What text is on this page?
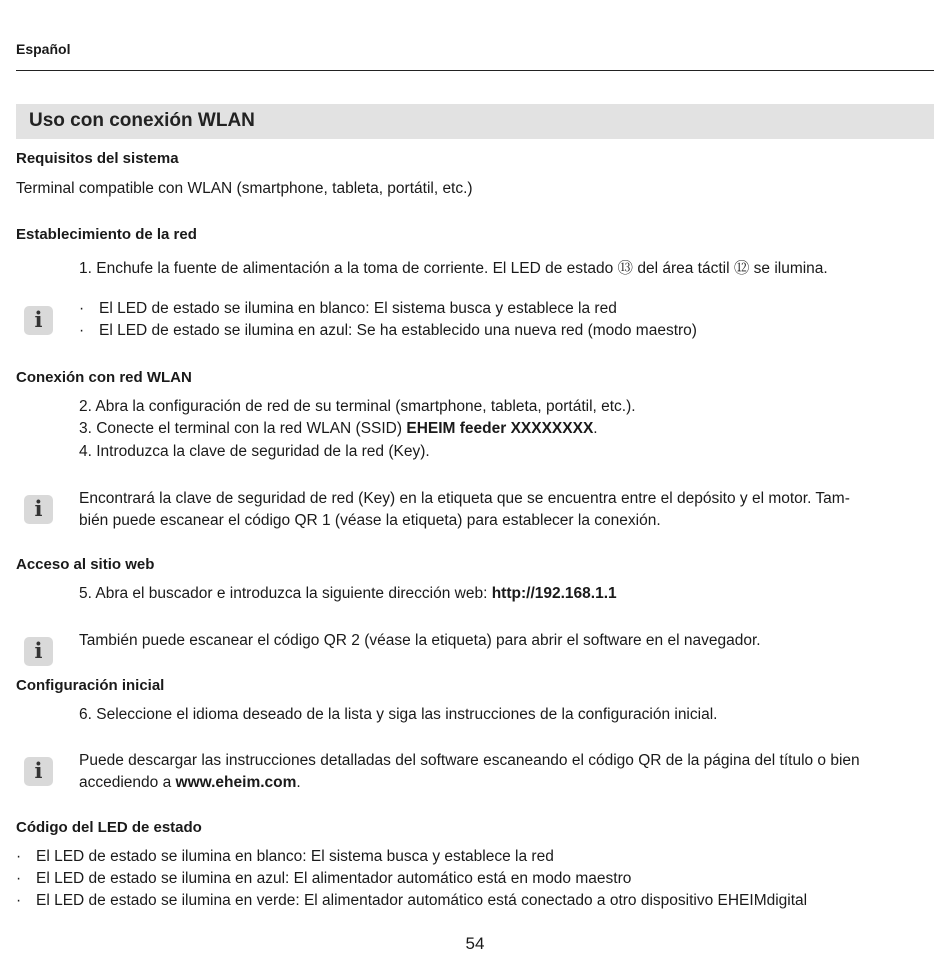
Español
Uso con conexión WLAN
Requisitos del sistema
Terminal compatible con WLAN (smartphone, tableta, portátil, etc.)
Establecimiento de la red
1. Enchufe la fuente de alimentación a la toma de corriente. El LED de estado ⑬ del área táctil ⑫ se ilumina.
i	· El LED de estado se ilumina en blanco: El sistema busca y establece la red
· El LED de estado se ilumina en azul: Se ha establecido una nueva red (modo maestro)
Conexión con red WLAN
2. Abra la configuración de red de su terminal (smartphone, tableta, portátil, etc.).
3. Conecte el terminal con la red WLAN (SSID) EHEIM feeder XXXXXXXX.
4. Introduzca la clave de seguridad de la red (Key).
i	Encontrará la clave de seguridad de red (Key) en la etiqueta que se encuentra entre el depósito y el motor. Tam-
bién puede escanear el código QR 1 (véase la etiqueta) para establecer la conexión.
Acceso al sitio web
5. Abra el buscador e introduzca la siguiente dirección web: http://192.168.1.1
i	También puede escanear el código QR 2 (véase la etiqueta) para abrir el software en el navegador.
Configuración inicial
6. Seleccione el idioma deseado de la lista y siga las instrucciones de la configuración inicial.
i	Puede descargar las instrucciones detalladas del software escaneando el código QR de la página del título o bien
accediendo a www.eheim.com.
Código del LED de estado
· El LED de estado se ilumina en blanco: El sistema busca y establece la red
· El LED de estado se ilumina en azul: El alimentador automático está en modo maestro
· El LED de estado se ilumina en verde: El alimentador automático está conectado a otro dispositivo EHEIMdigital
54
